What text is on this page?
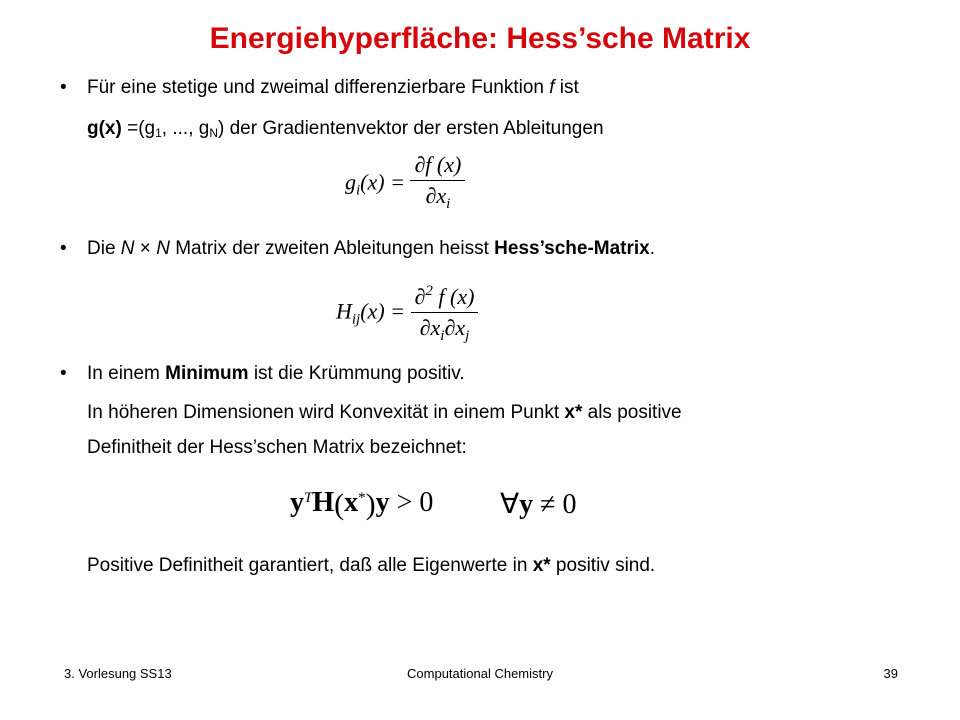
Energiehyperfläche: Hess’sche Matrix
• Für eine stetige und zweimal differenzierbare Funktion f ist
g(x) =(g1, ..., gN) der Gradientenvektor der ersten Ableitungen
$g_i(x) = \frac{\partial f (x)}{\partial x_i}$
• Die N × N Matrix der zweiten Ableitungen heisst Hess’sche-Matrix.
$H_{ij}(x) = \frac{\partial^2 f (x)}{\partial x_i\partial x_j}$
• In einem Minimum ist die Krümmung positiv.
In höheren Dimensionen wird Konvexität in einem Punkt x* als positive
Definitheit der Hess’schen Matrix bezeichnet:
$y^TH(x^*)y > 0$ ∀y ≠ 0
Positive Definitheit garantiert, daß alle Eigenwerte in x* positiv sind.
3. Vorlesung SS13	Computational Chemistry	39
